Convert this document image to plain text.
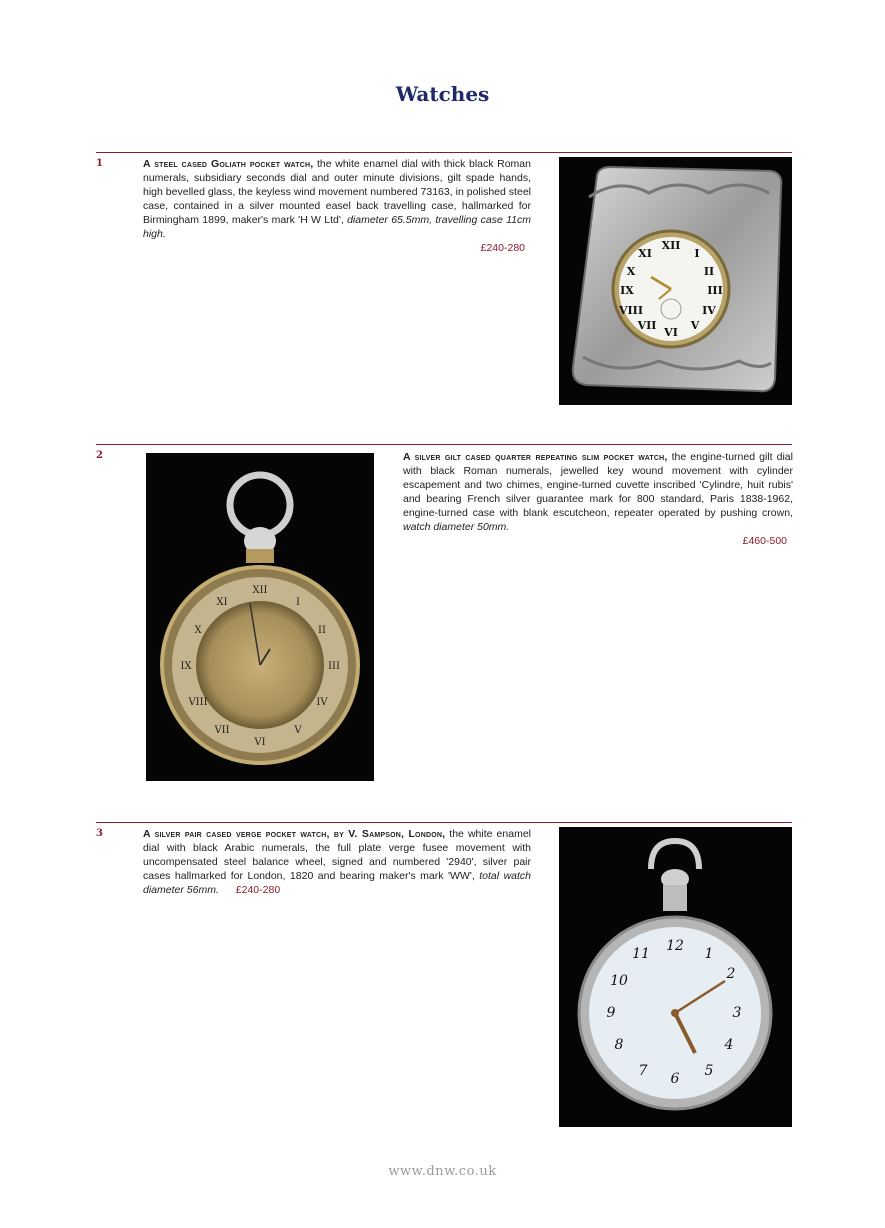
Watches
1	A steel cased Goliath pocket watch, the white enamel dial with thick black Roman numerals, subsidiary seconds dial and outer minute divisions, gilt spade hands, high bevelled glass, the keyless wind movement numbered 73163, in polished steel case, contained in a silver mounted easel back travelling case, hallmarked for Birmingham 1899, maker's mark 'H W Ltd', diameter 65.5mm, travelling case 11cm high.
£240-280	XII
I
II
III
IV
V
VI
VII
VIII
IX
X
XI
2
XII
I
II
III
IV
V
VI
VII
VIII
IX
X
XI
A silver gilt cased quarter repeating slim pocket watch, the engine-turned gilt dial with black Roman numerals, jewelled key wound movement with cylinder escapement and two chimes, engine-turned cuvette inscribed 'Cylindre, huit rubis' and bearing French silver guarantee mark for 800 standard, Paris 1838-1962, engine-turned case with blank escutcheon, repeater operated by pushing crown, watch diameter 50mm.
£460-500
3	A silver pair cased verge pocket watch, by V. Sampson, London, the white enamel dial with black Arabic numerals, the full plate verge fusee movement with uncompensated steel balance wheel, signed and numbered '2940', silver pair cases hallmarked for London, 1820 and bearing maker's mark 'WW', total watch diameter 56mm. £240-280
12 1
2
3
4
5
6
7
8
9
10
11
www.dnw.co.uk
